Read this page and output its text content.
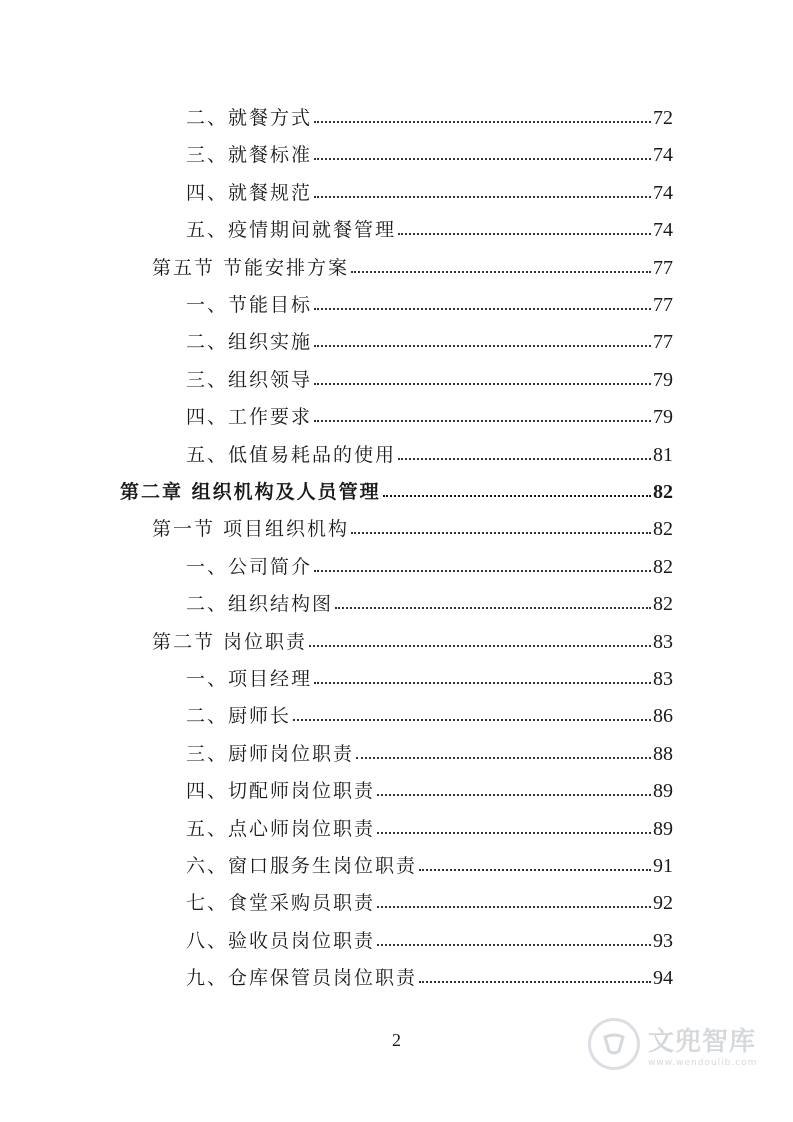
二、就餐方式	72
三、就餐标准	74
四、就餐规范	74
五、疫情期间就餐管理	74
第五节 节能安排方案	77
一、节能目标	77
二、组织实施	77
三、组织领导	79
四、工作要求	79
五、低值易耗品的使用	81
第二章 组织机构及人员管理	82
第一节 项目组织机构	82
一、公司简介	82
二、组织结构图	82
第二节 岗位职责	83
一、项目经理	83
二、厨师长	86
三、厨师岗位职责	88
四、切配师岗位职责	89
五、点心师岗位职责	89
六、窗口服务生岗位职责	91
七、食堂采购员职责	92
八、验收员岗位职责	93
九、仓库保管员岗位职责	94
2	文兜智库
www.wendoulib.com
